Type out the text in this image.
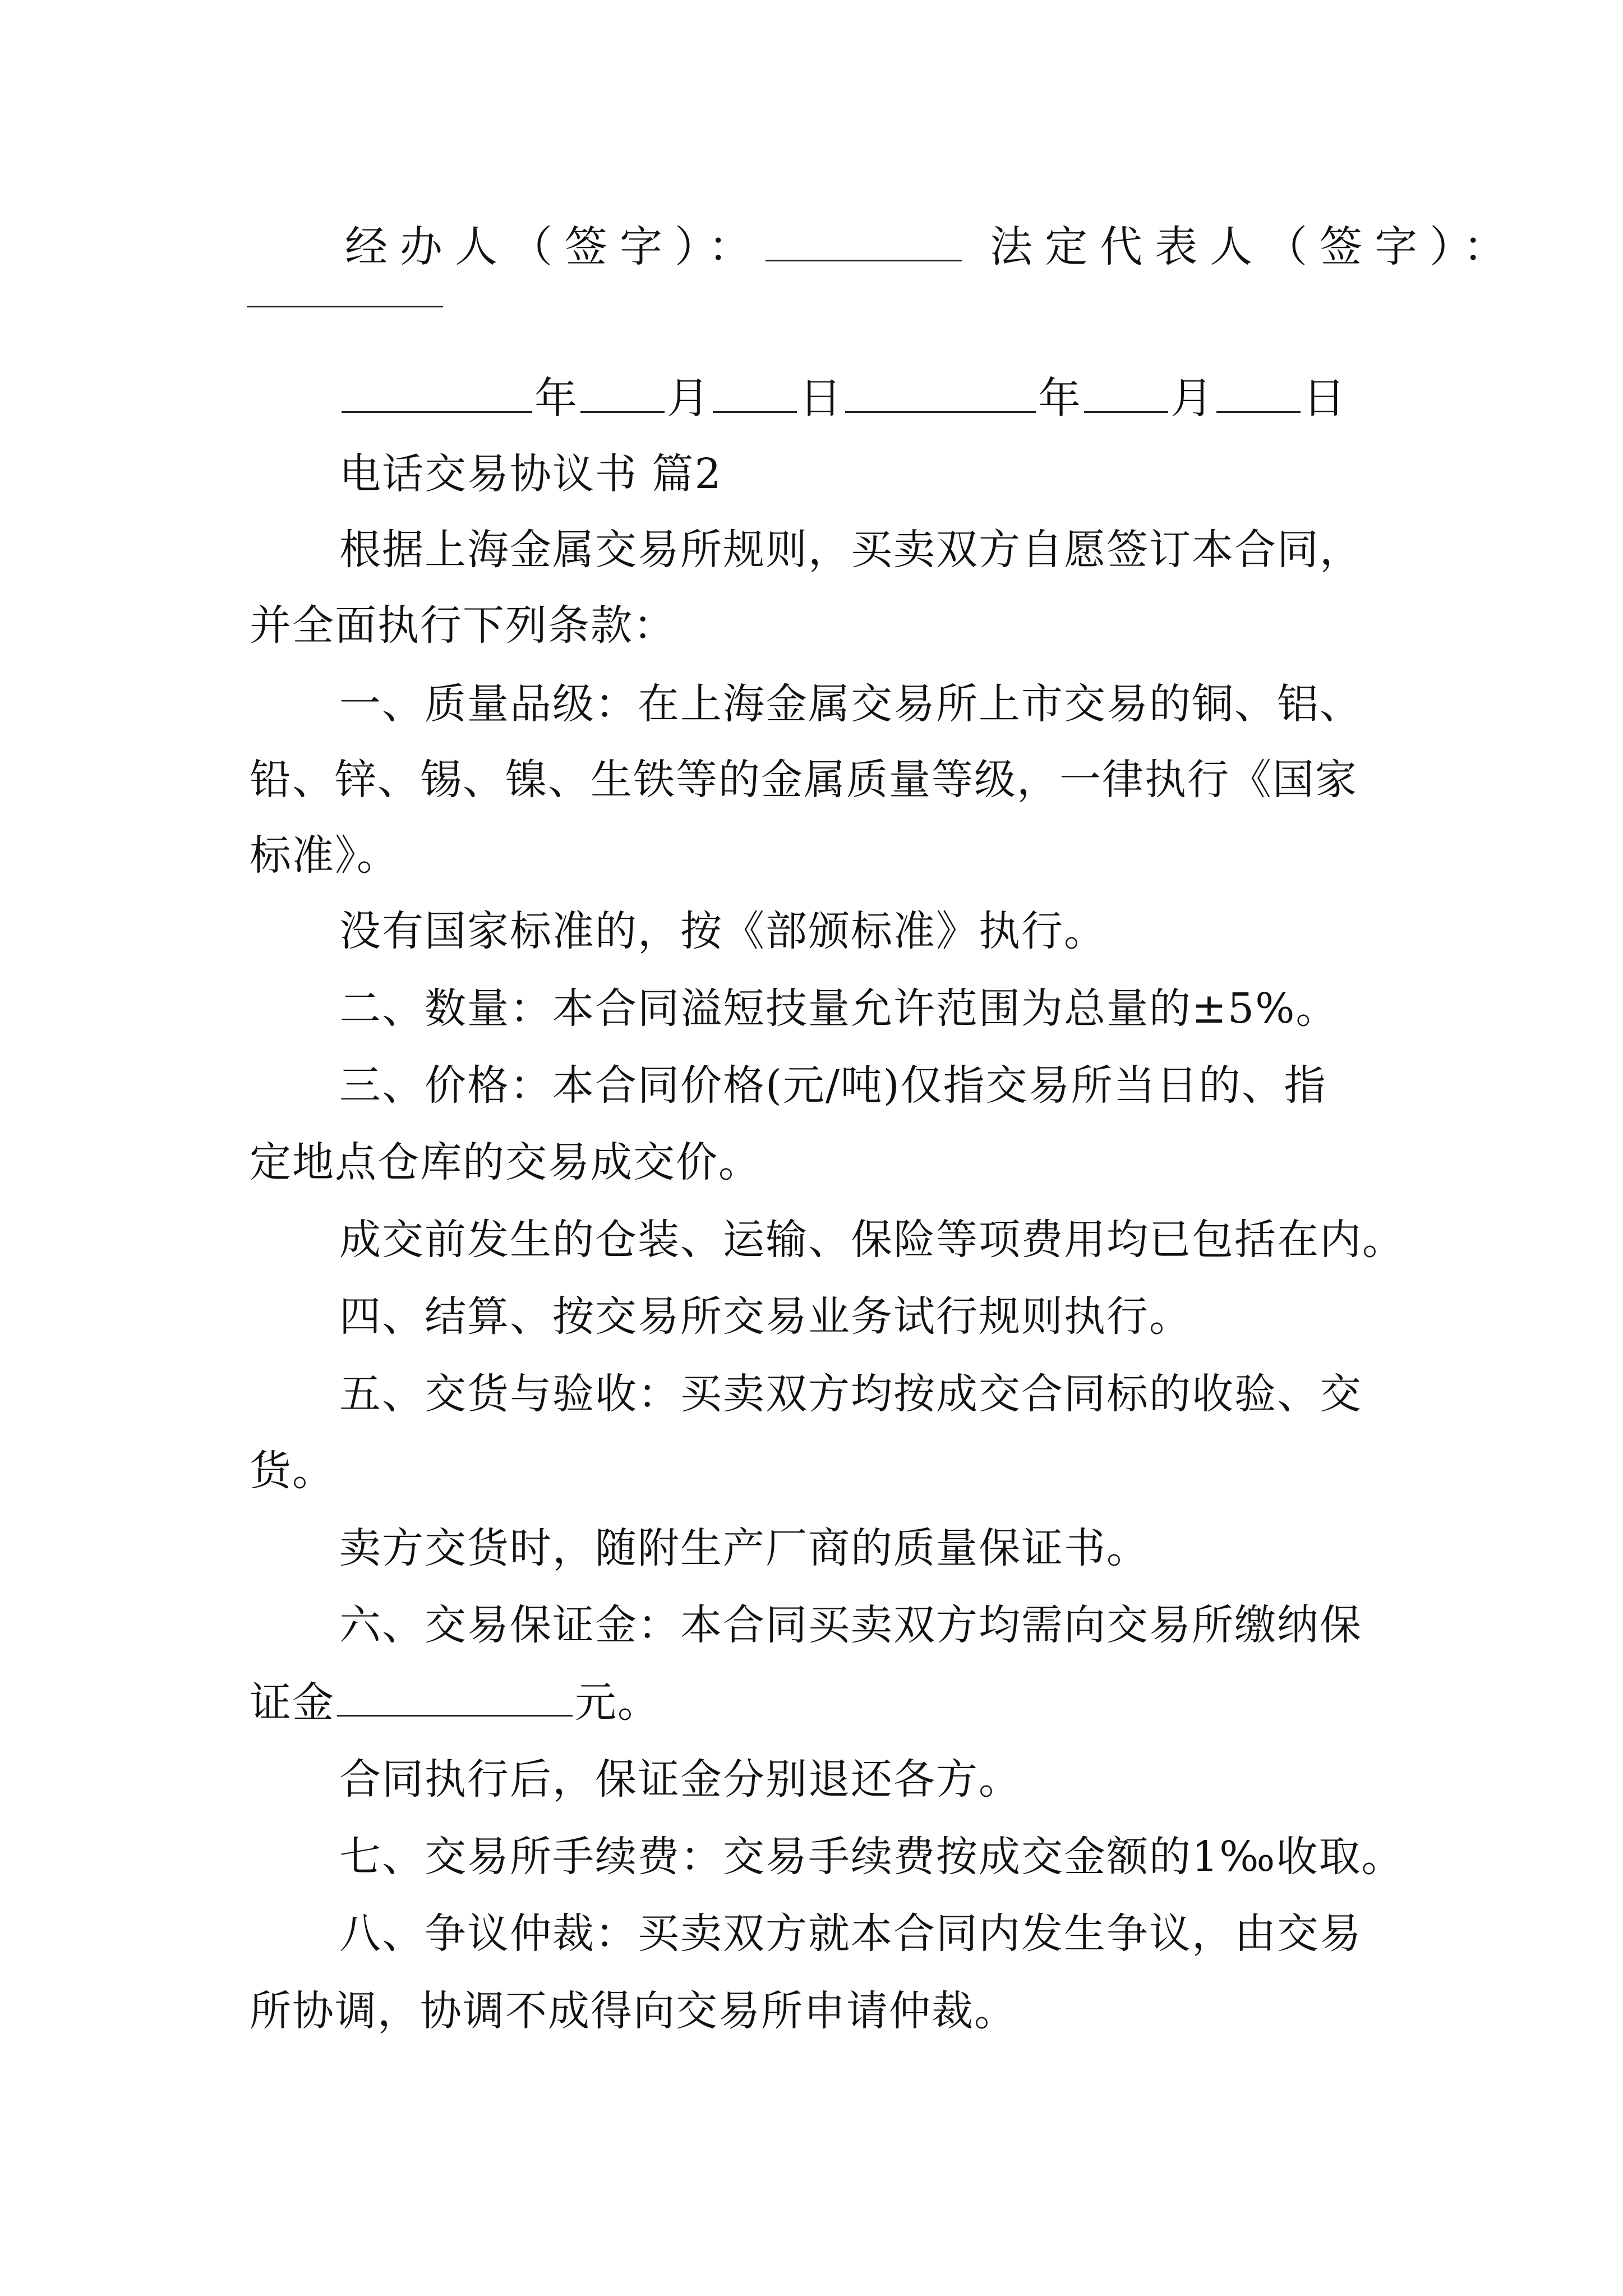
经办人（签字）：	法定代表人（签字）：
年 月 日	年 月 日
电话交易协议书 篇2
根据上海金属交易所规则，买卖双方自愿签订本合同，
并全面执行下列条款：
一、质量品级：在上海金属交易所上市交易的铜、铝、
铅、锌、锡、镍、生铁等的金属质量等级，一律执行《国家
标准》。
没有国家标准的，按《部颁标准》执行。
二、数量：本合同溢短技量允许范围为总量的±5%。
三、价格：本合同价格(元/吨)仅指交易所当日的、指
定地点仓库的交易成交价。
成交前发生的仓装、运输、保险等项费用均已包括在内。
四、结算、按交易所交易业务试行规则执行。
五、交货与验收：买卖双方均按成交合同标的收验、交
货。
卖方交货时，随附生产厂商的质量保证书。
六、交易保证金：本合同买卖双方均需向交易所缴纳保
证金	元。
合同执行后，保证金分别退还各方。
七、交易所手续费：交易手续费按成交金额的1‰收取。
八、争议仲裁：买卖双方就本合同内发生争议，由交易
所协调，协调不成得向交易所申请仲裁。
